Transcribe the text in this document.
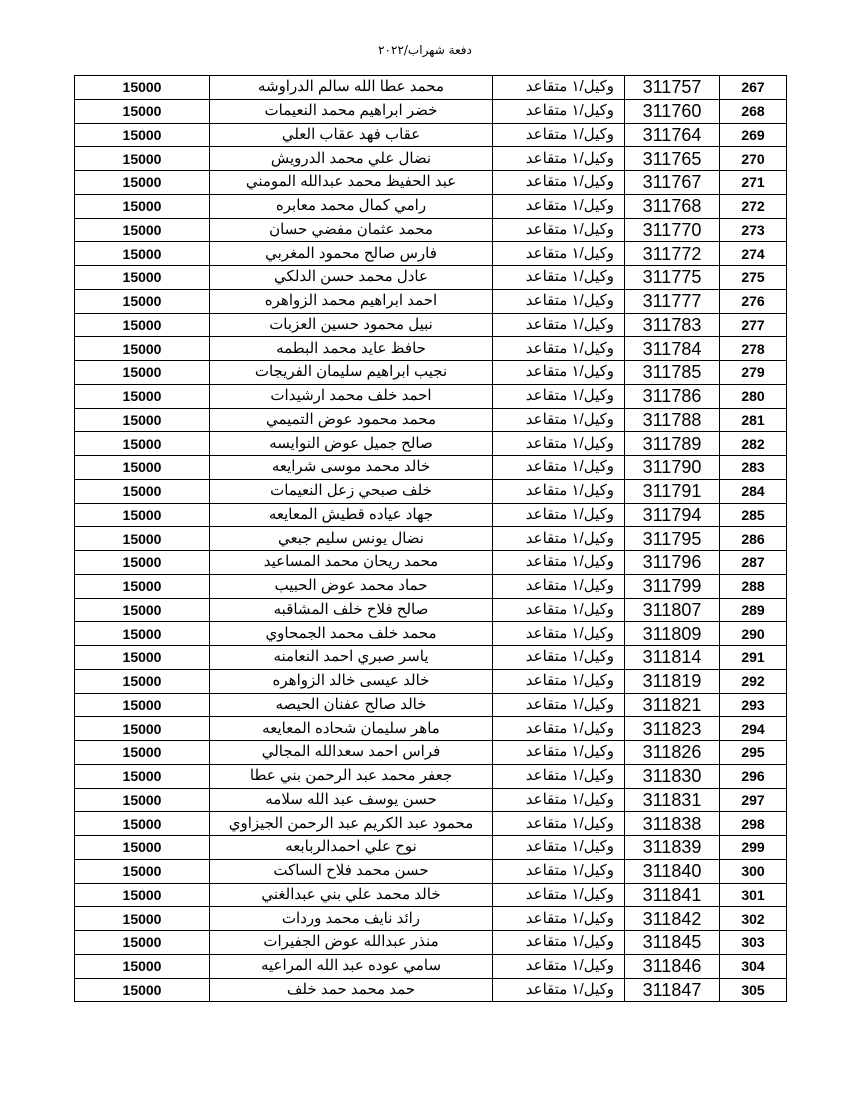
دفعة شهراب/٢٠٢٢
15000	محمد عطا الله سالم الدراوشه	وكيل/١ متقاعد	311757	267
15000	خضر ابراهيم محمد النعيمات	وكيل/١ متقاعد	311760	268
15000	عقاب فهد عقاب العلي	وكيل/١ متقاعد	311764	269
15000	نضال علي محمد الدرويش	وكيل/١ متقاعد	311765	270
15000	عبد الحفيظ محمد عبدالله المومني	وكيل/١ متقاعد	311767	271
15000	رامي كمال محمد معابره	وكيل/١ متقاعد	311768	272
15000	محمد عثمان مفضي حسان	وكيل/١ متقاعد	311770	273
15000	فارس صالح محمود المغربي	وكيل/١ متقاعد	311772	274
15000	عادل محمد حسن الدلكي	وكيل/١ متقاعد	311775	275
15000	احمد ابراهيم محمد الزواهره	وكيل/١ متقاعد	311777	276
15000	نبيل محمود حسين العزبات	وكيل/١ متقاعد	311783	277
15000	حافظ عايد محمد البطمه	وكيل/١ متقاعد	311784	278
15000	نجيب ابراهيم سليمان الفريجات	وكيل/١ متقاعد	311785	279
15000	احمد خلف محمد ارشيدات	وكيل/١ متقاعد	311786	280
15000	محمد محمود عوض التميمي	وكيل/١ متقاعد	311788	281
15000	صالح جميل عوض النوايسه	وكيل/١ متقاعد	311789	282
15000	خالد محمد موسى شرايعه	وكيل/١ متقاعد	311790	283
15000	خلف صبحي زعل النعيمات	وكيل/١ متقاعد	311791	284
15000	جهاد عياده قطيش المعايعه	وكيل/١ متقاعد	311794	285
15000	نضال يونس سليم جبعي	وكيل/١ متقاعد	311795	286
15000	محمد ريحان محمد المساعيد	وكيل/١ متقاعد	311796	287
15000	حماد محمد عوض الحبيب	وكيل/١ متقاعد	311799	288
15000	صالح فلاح خلف المشاقبه	وكيل/١ متقاعد	311807	289
15000	محمد خلف محمد الجمحاوي	وكيل/١ متقاعد	311809	290
15000	ياسر صبري احمد النعامنه	وكيل/١ متقاعد	311814	291
15000	خالد عيسى خالد الزواهره	وكيل/١ متقاعد	311819	292
15000	خالد صالح عفنان الحيصه	وكيل/١ متقاعد	311821	293
15000	ماهر سليمان شحاده المعايعه	وكيل/١ متقاعد	311823	294
15000	فراس احمد سعدالله المجالي	وكيل/١ متقاعد	311826	295
15000	جعفر محمد عبد الرحمن بني عطا	وكيل/١ متقاعد	311830	296
15000	حسن يوسف عبد الله سلامه	وكيل/١ متقاعد	311831	297
15000	محمود عبد الكريم عبد الرحمن الجيزاوي	وكيل/١ متقاعد	311838	298
15000	نوح علي احمدالربابعه	وكيل/١ متقاعد	311839	299
15000	حسن محمد فلاح الساكت	وكيل/١ متقاعد	311840	300
15000	خالد محمد علي بني عبدالغني	وكيل/١ متقاعد	311841	301
15000	رائد نايف محمد وردات	وكيل/١ متقاعد	311842	302
15000	منذر عبدالله عوض الجفيرات	وكيل/١ متقاعد	311845	303
15000	سامي عوده عبد الله المراعيه	وكيل/١ متقاعد	311846	304
15000	حمد محمد حمد خلف	وكيل/١ متقاعد	311847	305
